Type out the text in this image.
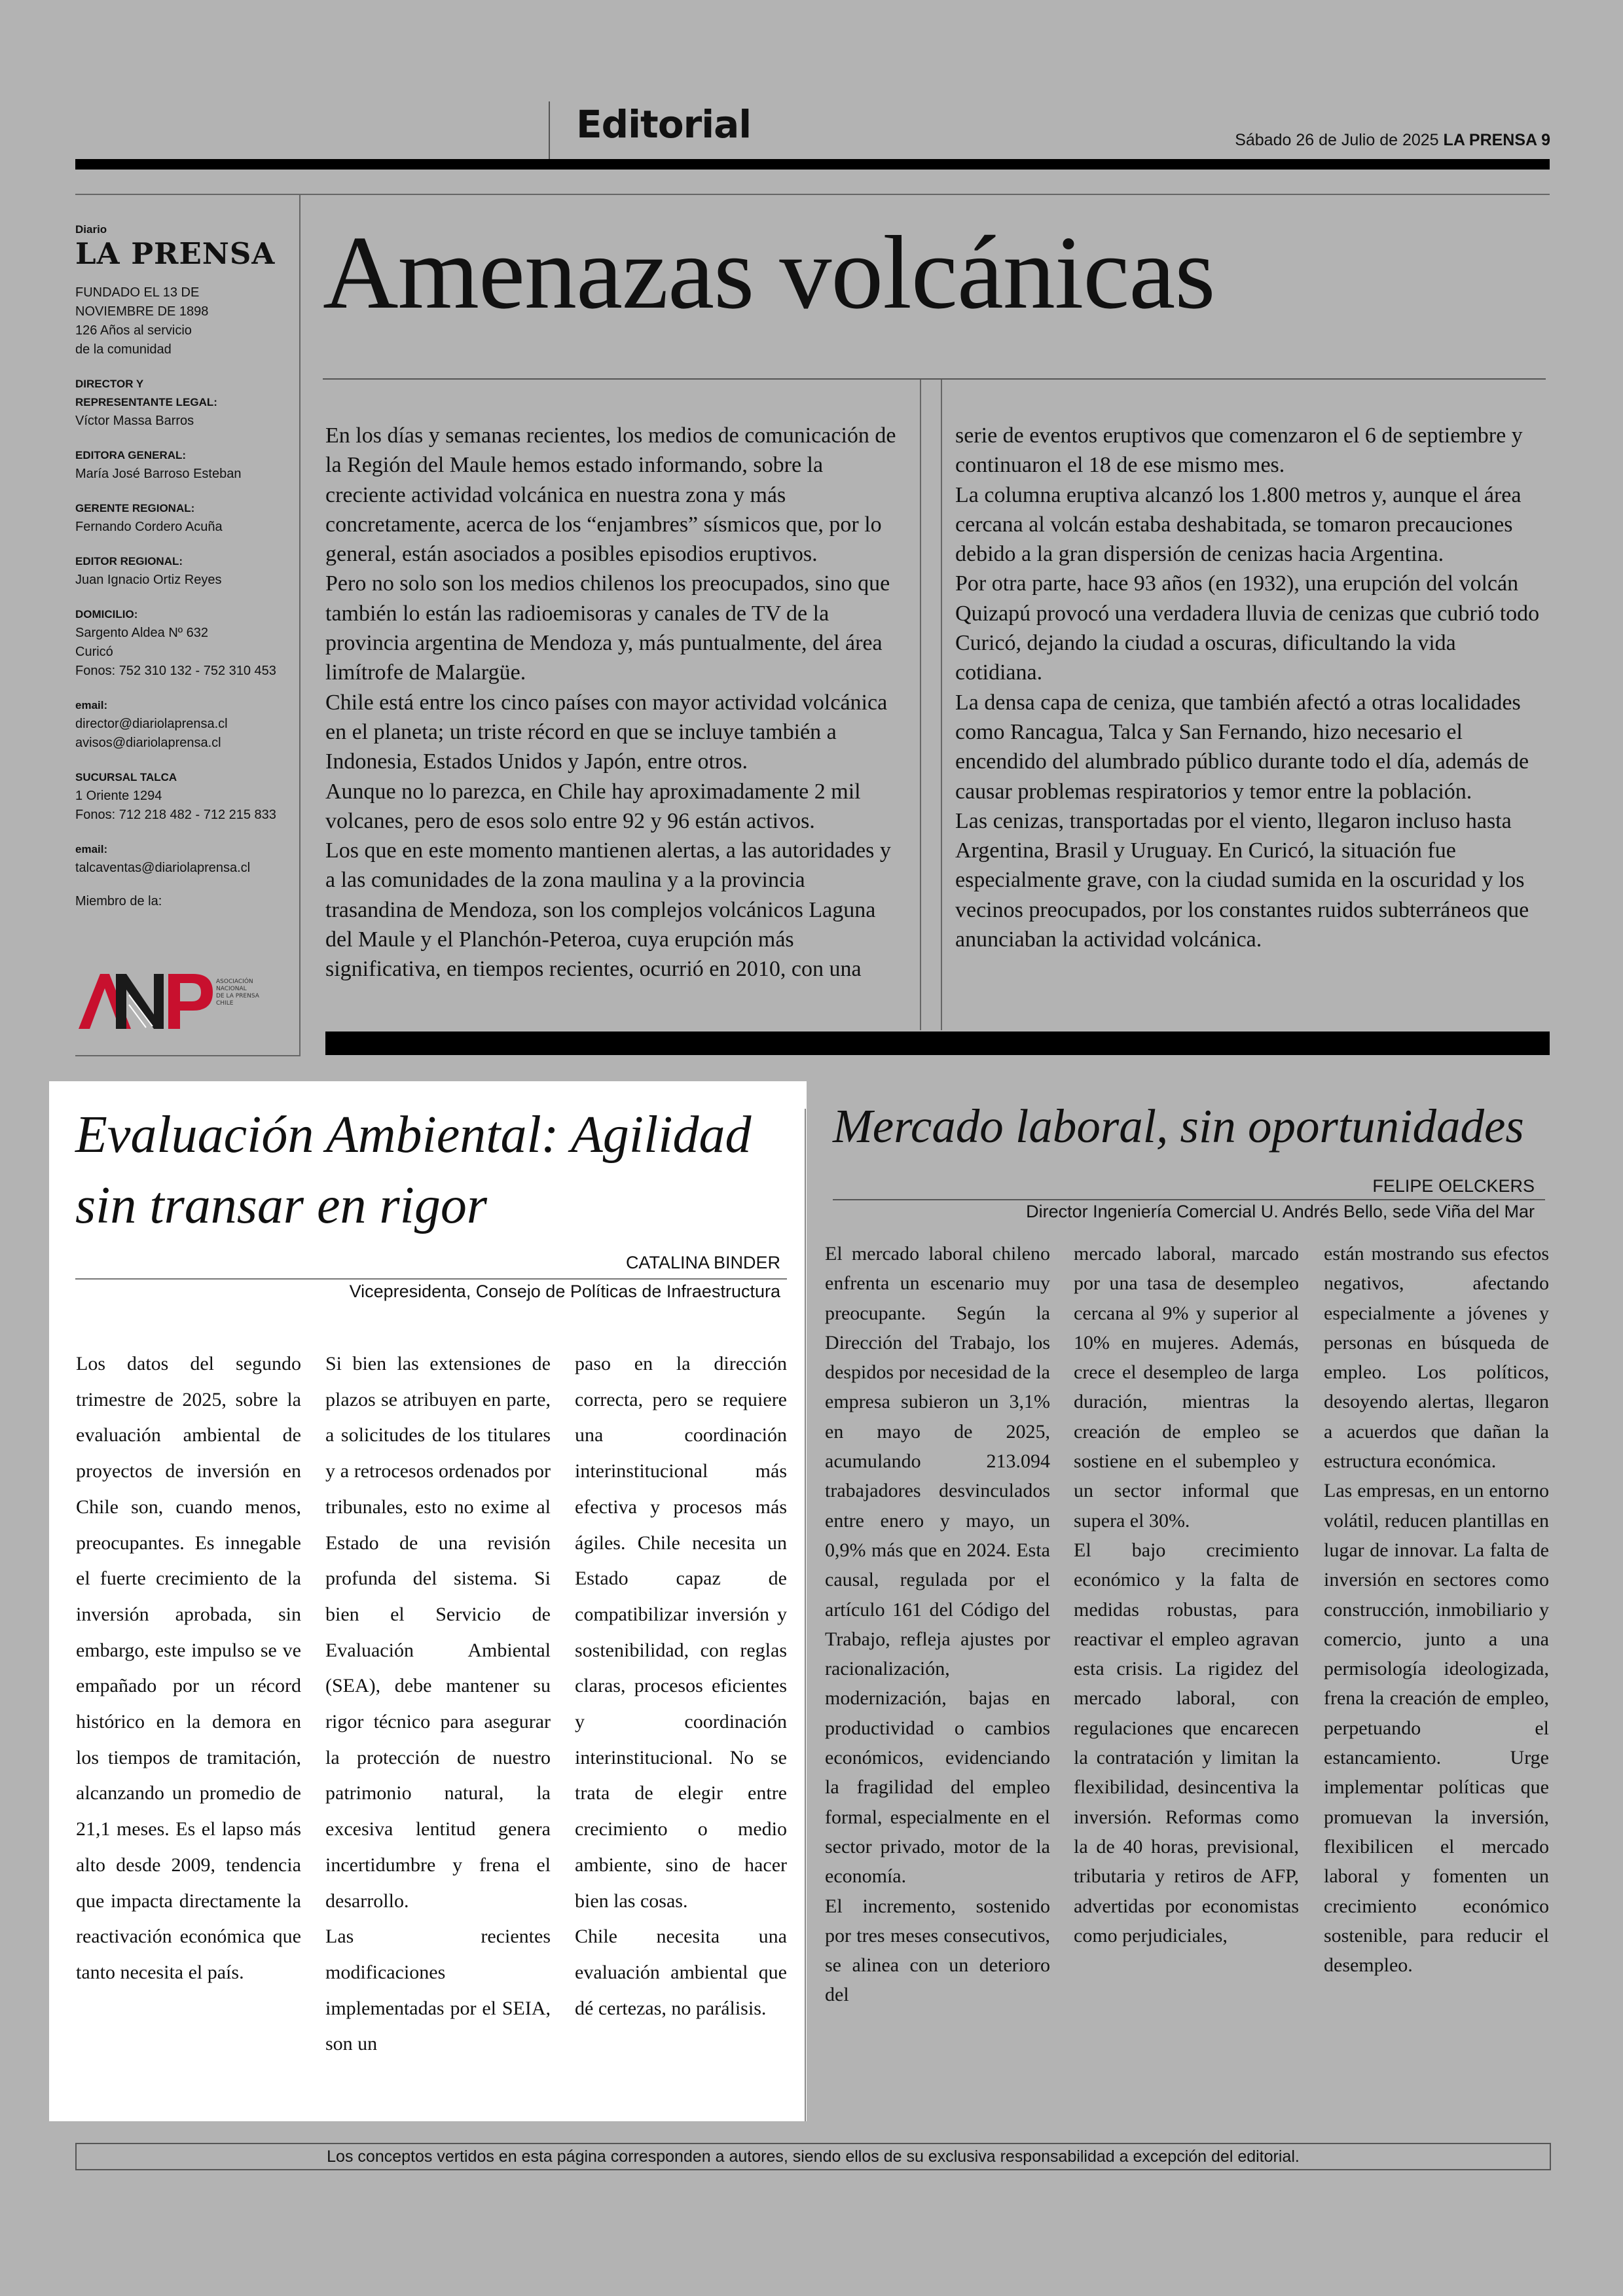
Editorial	Sábado 26 de Julio de 2025 LA PRENSA 9
Diario
LA PRENSA
FUNDADO EL 13 DE
NOVIEMBRE DE 1898
126 Años al servicio
de la comunidad
DIRECTOR Y
REPRESENTANTE LEGAL:
Víctor Massa Barros
EDITORA GENERAL:
María José Barroso Esteban
GERENTE REGIONAL:
Fernando Cordero Acuña
EDITOR REGIONAL:
Juan Ignacio Ortiz Reyes
DOMICILIO:
Sargento Aldea Nº 632
Curicó
Fonos: 752 310 132 - 752 310 453
email:
director@diariolaprensa.cl
avisos@diariolaprensa.cl
SUCURSAL TALCA
1 Oriente 1294
Fonos: 712 218 482 - 712 215 833
email:
talcaventas@diariolaprensa.cl
Miembro de la:
ASOCIACIÓN
NACIONAL
DE LA PRENSA
CHILE
Amenazas volcánicas

En los días y semanas recientes, los medios de comunicación de la Región del Maule hemos estado informando, sobre la creciente actividad volcánica en nuestra zona y más concretamente, acerca de los “enjambres” sísmicos que, por lo general, están asociados a posibles episodios eruptivos.

Pero no solo son los medios chilenos los preocupados, sino que también lo están las radioemisoras y canales de TV de la provincia argentina de Mendoza y, más puntualmente, del área limítrofe de Malargüe.

Chile está entre los cinco países con mayor actividad volcánica en el planeta; un triste récord en que se incluye también a Indonesia, Estados Unidos y Japón, entre otros.

Aunque no lo parezca, en Chile hay aproximadamente 2 mil volcanes, pero de esos solo entre 92 y 96 están activos.

Los que en este momento mantienen alertas, a las autoridades y a las comunidades de la zona maulina y a la provincia trasandina de Mendoza, son los complejos volcánicos Laguna del Maule y el Planchón-Peteroa, cuya erupción más significativa, en tiempos recientes, ocurrió en 2010, con una

serie de eventos eruptivos que comenzaron el 6 de septiembre y continuaron el 18 de ese mismo mes.

La columna eruptiva alcanzó los 1.800 metros y, aunque el área cercana al volcán estaba deshabitada, se tomaron precauciones debido a la gran dispersión de cenizas hacia Argentina.

Por otra parte, hace 93 años (en 1932), una erupción del volcán Quizapú provocó una verdadera lluvia de cenizas que cubrió todo Curicó, dejando la ciudad a oscuras, dificultando la vida cotidiana.

La densa capa de ceniza, que también afectó a otras localidades como Rancagua, Talca y San Fernando, hizo necesario el encendido del alumbrado público durante todo el día, además de causar problemas respiratorios y temor entre la población.

Las cenizas, transportadas por el viento, llegaron incluso hasta Argentina, Brasil y Uruguay. En Curicó, la situación fue especialmente grave, con la ciudad sumida en la oscuridad y los vecinos preocupados, por los constantes ruidos subterráneos que anunciaban la actividad volcánica.

Evaluación Ambiental: Agilidad sin transar en rigor
CATALINA BINDER
Vicepresidenta, Consejo de Políticas de Infraestructura

Los datos del segundo trimestre de 2025, sobre la evaluación ambiental de proyectos de inversión en Chile son, cuando menos, preocupantes. Es innegable el fuerte crecimiento de la inversión aprobada, sin embargo, este impulso se ve empañado por un récord histórico en la demora en los tiempos de tramitación, alcanzando un promedio de 21,1 meses. Es el lapso más alto desde 2009, tendencia que impacta directamente la reactivación económica que tanto necesita el país.

Si bien las extensiones de plazos se atribuyen en parte, a solicitudes de los titulares y a retrocesos ordenados por tribunales, esto no exime al Estado de una revisión profunda del sistema. Si bien el Servicio de Evaluación Ambiental (SEA), debe mantener su rigor técnico para asegurar la protección de nuestro patrimonio natural, la excesiva lentitud genera incertidumbre y frena el desarrollo.

Las recientes modificaciones implementadas por el SEIA, son un

paso en la dirección correcta, pero se requiere una coordinación interinstitucional más efectiva y procesos más ágiles. Chile necesita un Estado capaz de compatibilizar inversión y sostenibilidad, con reglas claras, procesos eficientes y coordinación interinstitucional. No se trata de elegir entre crecimiento o medio ambiente, sino de hacer bien las cosas.

Chile necesita una evaluación ambiental que dé certezas, no parálisis.

Mercado laboral, sin oportunidades
FELIPE OELCKERS
Director Ingeniería Comercial U. Andrés Bello, sede Viña del Mar

El mercado laboral chileno enfrenta un escenario muy preocupante. Según la Dirección del Trabajo, los despidos por necesidad de la empresa subieron un 3,1% en mayo de 2025, acumulando 213.094 trabajadores desvinculados entre enero y mayo, un 0,9% más que en 2024. Esta causal, regulada por el artículo 161 del Código del Trabajo, refleja ajustes por racionalización, modernización, bajas en productividad o cambios económicos, evidenciando la fragilidad del empleo formal, especialmente en el sector privado, motor de la economía.

El incremento, sostenido por tres meses consecutivos, se alinea con un deterioro del

mercado laboral, marcado por una tasa de desempleo cercana al 9% y superior al 10% en mujeres. Además, crece el desempleo de larga duración, mientras la creación de empleo se sostiene en el subempleo y un sector informal que supera el 30%.

El bajo crecimiento económico y la falta de medidas robustas, para reactivar el empleo agravan esta crisis. La rigidez del mercado laboral, con regulaciones que encarecen la contratación y limitan la flexibilidad, desincentiva la inversión. Reformas como la de 40 horas, previsional, tributaria y retiros de AFP, advertidas por economistas como perjudiciales,

están mostrando sus efectos negativos, afectando especialmente a jóvenes y personas en búsqueda de empleo. Los políticos, desoyendo alertas, llegaron a acuerdos que dañan la estructura económica.

Las empresas, en un entorno volátil, reducen plantillas en lugar de innovar. La falta de inversión en sectores como construcción, inmobiliario y comercio, junto a una permisología ideologizada, frena la creación de empleo, perpetuando el estancamiento. Urge implementar políticas que promuevan la inversión, flexibilicen el mercado laboral y fomenten un crecimiento económico sostenible, para reducir el desempleo.

Los conceptos vertidos en esta página corresponden a autores, siendo ellos de su exclusiva responsabilidad a excepción del editorial.
